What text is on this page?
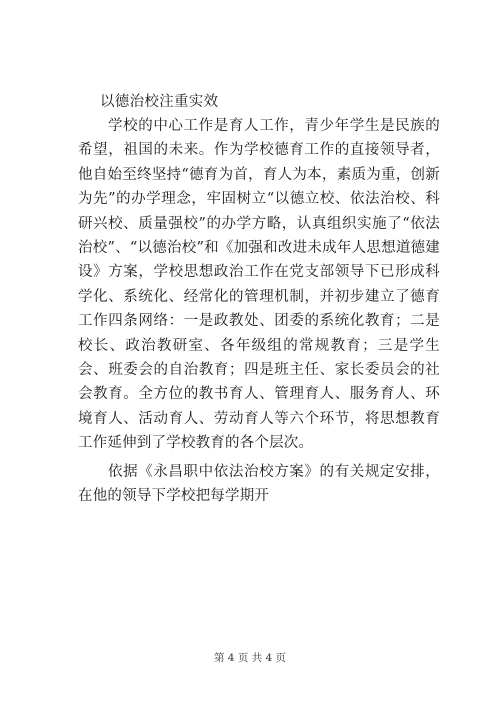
以德治校注重实效

学校的中心工作是育人工作，青少年学生是民族的希望，祖国的未来。作为学校德育工作的直接领导者，他自始至终坚持“德育为首，育人为本，素质为重，创新为先”的办学理念，牢固树立“以德立校、依法治校、科研兴校、质量强校”的办学方略，认真组织实施了“依法治校”、“以德治校”和《加强和改进未成年人思想道德建设》方案，学校思想政治工作在党支部领导下已形成科学化、系统化、经常化的管理机制，并初步建立了德育工作四条网络：一是政教处、团委的系统化教育；二是校长、政治教研室、各年级组的常规教育；三是学生会、班委会的自治教育；四是班主任、家长委员会的社会教育。全方位的教书育人、管理育人、服务育人、环境育人、活动育人、劳动育人等六个环节，将思想教育工作延伸到了学校教育的各个层次。

依据《永昌职中依法治校方案》的有关规定安排，在他的领导下学校把每学期开

第 4 页 共 4 页
